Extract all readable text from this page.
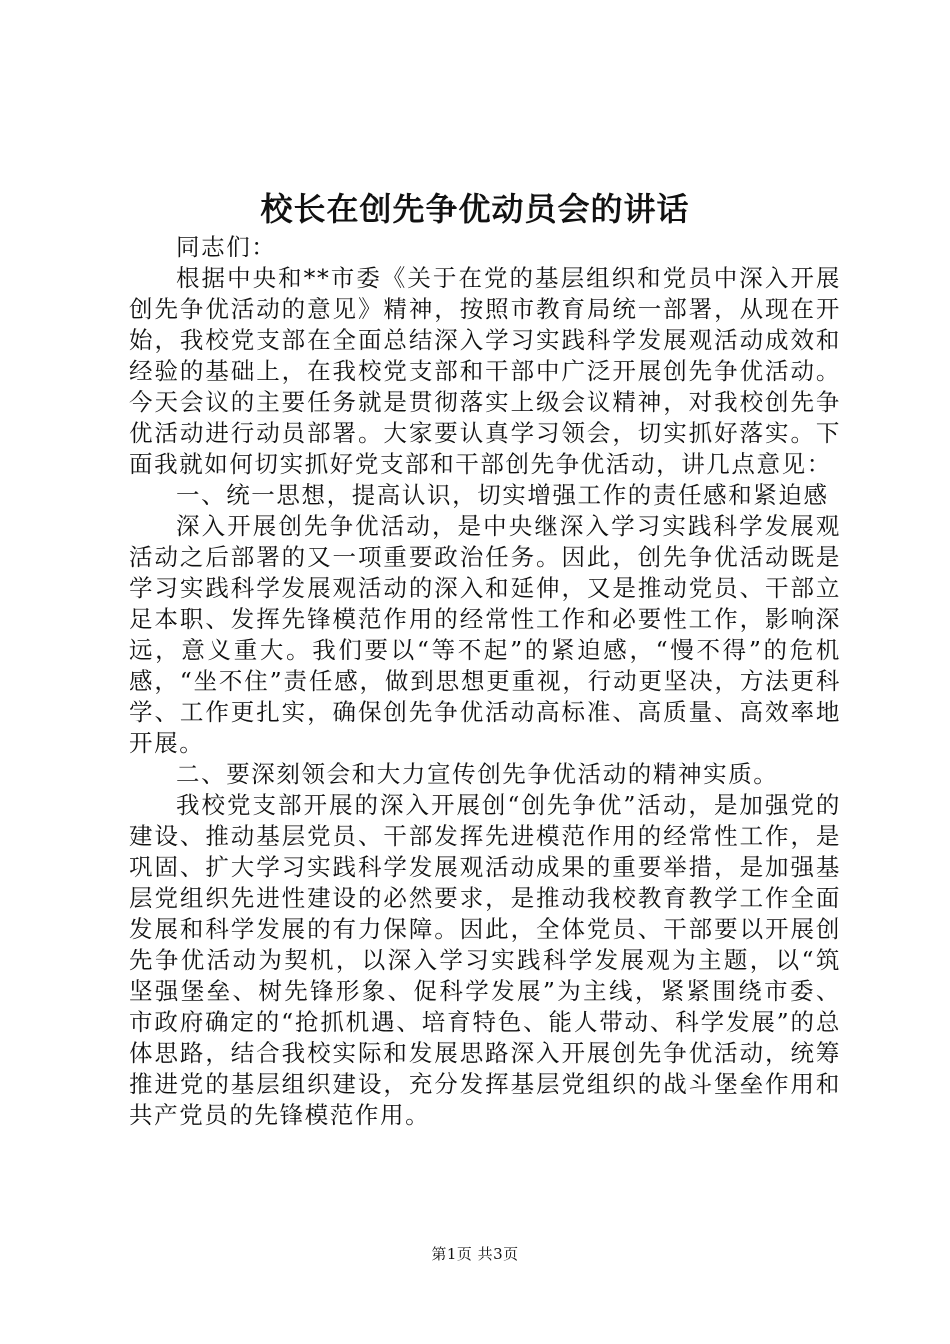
校长在创先争优动员会的讲话

同志们：

根据中央和**市委《关于在党的基层组织和党员中深入开展创先争优活动的意见》精神，按照市教育局统一部署，从现在开始，我校党支部在全面总结深入学习实践科学发展观活动成效和经验的基础上，在我校党支部和干部中广泛开展创先争优活动。今天会议的主要任务就是贯彻落实上级会议精神，对我校创先争优活动进行动员部署。大家要认真学习领会，切实抓好落实。下面我就如何切实抓好党支部和干部创先争优活动，讲几点意见：

一、统一思想，提高认识，切实增强工作的责任感和紧迫感

深入开展创先争优活动，是中央继深入学习实践科学发展观活动之后部署的又一项重要政治任务。因此，创先争优活动既是学习实践科学发展观活动的深入和延伸，又是推动党员、干部立足本职、发挥先锋模范作用的经常性工作和必要性工作，影响深远，意义重大。我们要以“等不起”的紧迫感，“慢不得”的危机感，“坐不住”责任感，做到思想更重视，行动更坚决，方法更科学、工作更扎实，确保创先争优活动高标准、高质量、高效率地开展。

二、要深刻领会和大力宣传创先争优活动的精神实质。

我校党支部开展的深入开展创“创先争优”活动，是加强党的建设、推动基层党员、干部发挥先进模范作用的经常性工作，是巩固、扩大学习实践科学发展观活动成果的重要举措，是加强基层党组织先进性建设的必然要求，是推动我校教育教学工作全面发展和科学发展的有力保障。因此，全体党员、干部要以开展创先争优活动为契机，以深入学习实践科学发展观为主题，以“筑坚强堡垒、树先锋形象、促科学发展”为主线，紧紧围绕市委、市政府确定的“抢抓机遇、培育特色、能人带动、科学发展”的总体思路，结合我校实际和发展思路深入开展创先争优活动，统筹推进党的基层组织建设，充分发挥基层党组织的战斗堡垒作用和共产党员的先锋模范作用。

第1页 共3页
